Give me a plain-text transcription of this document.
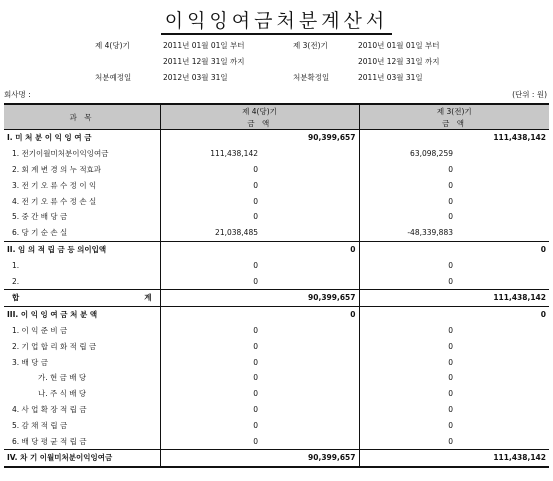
이익잉여금처분계산서
제 4(당)기	2011년 01월 01일 부터
2011년 12월 31일 까지
제 3(전)기	2010년 01월 01일 부터
2010년 12월 31일 까지
처분예정일	2012년 03월 31일	처분확정일	2011년 03월 31일
회사명 :	(단위 : 원)
과 목	제 4(당)기		제 3(전)기	
	금 액		금 액	
I. 미 처 분 이 익 잉 여 금		90,399,657		111,438,142
1. 전기이월미처분이익잉여금	111,438,142		63,098,259	
2. 회 계 변 경 의 누 적효과	0		0	
3. 전 기 오 류 수 정 이 익	0		0	
4. 전 기 오 류 수 정 손 실	0		0	
5. 중 간 배 당 금	0		0	
6. 당 기 순 손 실	21,038,485		-48,339,883	
II. 임 의 적 립 금 등 의이입액		0		0
1.	0		0	
2.	0		0	
합 계		90,399,657		111,438,142
III. 이 익 잉 여 금 처 분 액		0		0
1. 이 익 준 비 금	0		0	
2. 기 업 합 리 화 적 립 금	0		0	
3. 배 당 금	0		0	
가. 현 금 배 당	0		0	
나. 주 식 배 당	0		0	
4. 사 업 확 장 적 립 금	0		0	
5. 감 채 적 립 금	0		0	
6. 배 당 평 균 적 립 금	0		0	
IV. 차 기 이월미처분이익잉여금		90,399,657		111,438,142
